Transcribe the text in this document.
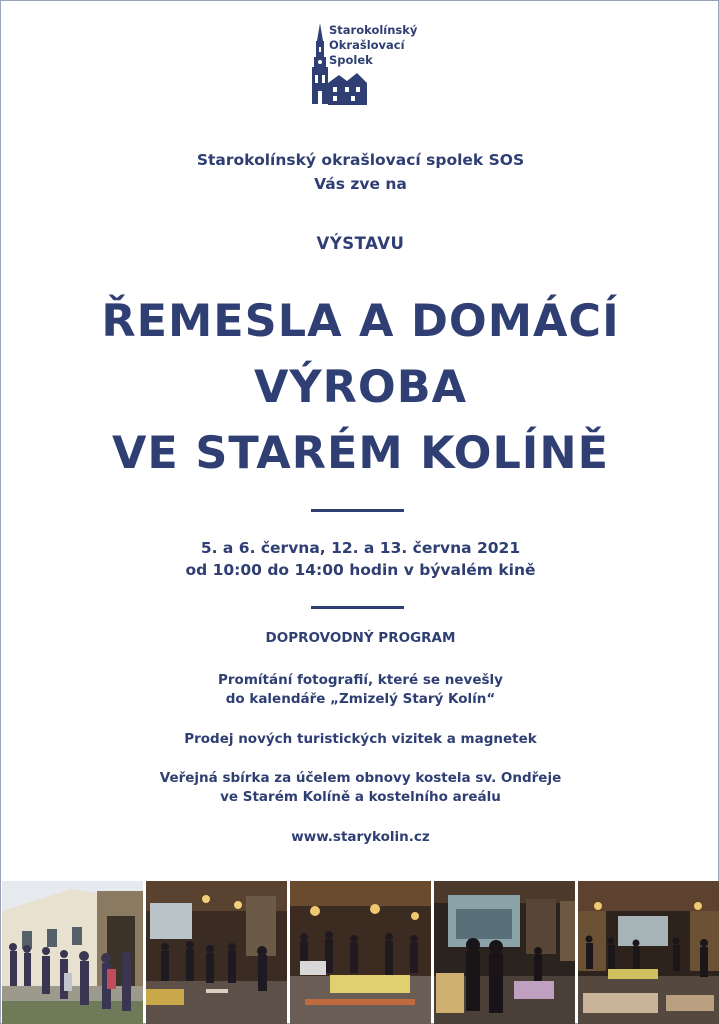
Starokolínský
Okrašlovací
Spolek
Starokolínský okrašlovací spolek SOS
Vás zve na
VÝSTAVU
ŘEMESLA A DOMÁCÍ
VÝROBA
VE STARÉM KOLÍNĚ
5. a 6. června, 12. a 13. června 2021
od 10:00 do 14:00 hodin v bývalém kině
DOPROVODNÝ PROGRAM
Promítání fotografií, které se nevešly
do kalendáře „Zmizelý Starý Kolín“
Prodej nových turistických vizitek a magnetek
Veřejná sbírka za účelem obnovy kostela sv. Ondřeje
ve Starém Kolíně a kostelního areálu
www.starykolin.cz
